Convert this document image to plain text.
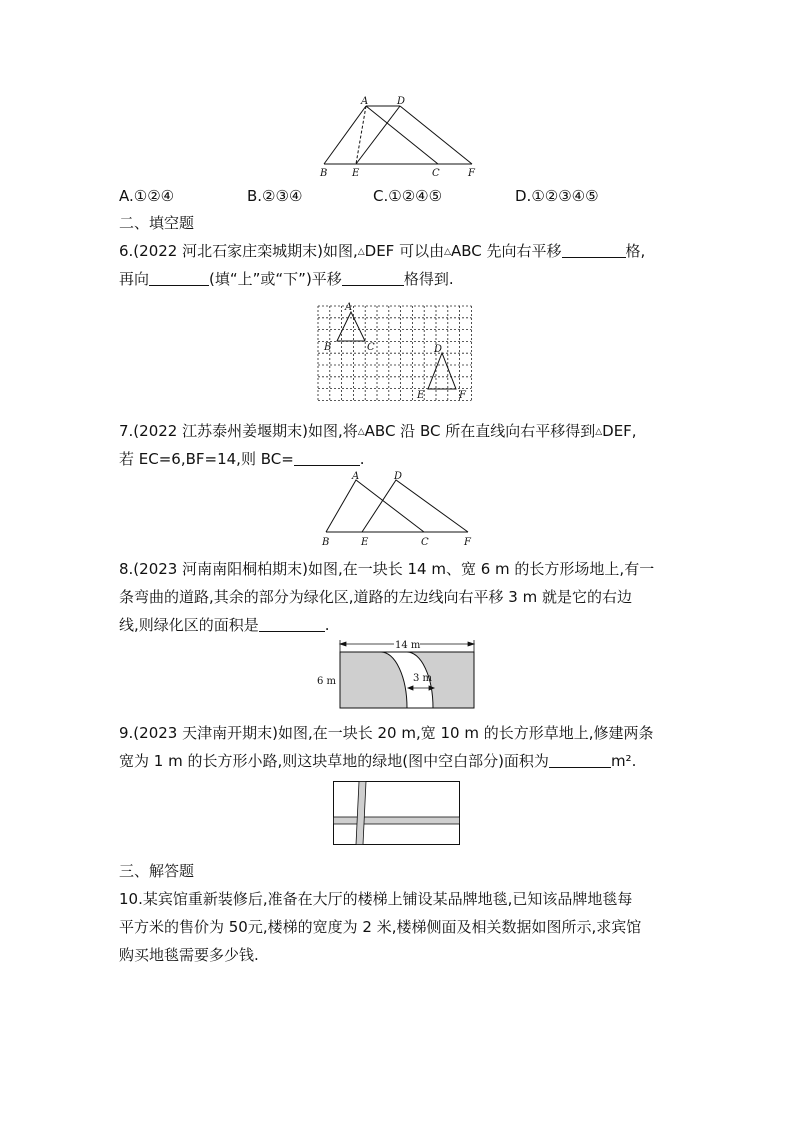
A	D
B E	C	F
A.①②④	B.②③④	C.①②④⑤	D.①②③④⑤
二、填空题
6.(2022 河北石家庄栾城期末)如图,△DEF 可以由△ABC 先向右平移	格,
再向	(填“上”或“下”)平移	格得到.
A
B	C	D
E	F
7.(2022 江苏泰州姜堰期末)如图,将△ABC 沿 BC 所在直线向右平移得到△DEF,
若 EC=6,BF=14,则 BC=	.
A	D
B	E	C	F
8.(2023 河南南阳桐柏期末)如图,在一块长 14 m、宽 6 m 的长方形场地上,有一
条弯曲的道路,其余的部分为绿化区,道路的左边线向右平移 3 m 就是它的右边
线,则绿化区的面积是	.
14 m
6 m	3 m
9.(2023 天津南开期末)如图,在一块长 20 m,宽 10 m 的长方形草地上,修建两条
宽为 1 m 的长方形小路,则这块草地的绿地(图中空白部分)面积为	m².
三、解答题
10.某宾馆重新装修后,准备在大厅的楼梯上铺设某品牌地毯,已知该品牌地毯每
平方米的售价为 50元,楼梯的宽度为 2 米,楼梯侧面及相关数据如图所示,求宾馆
购买地毯需要多少钱.
